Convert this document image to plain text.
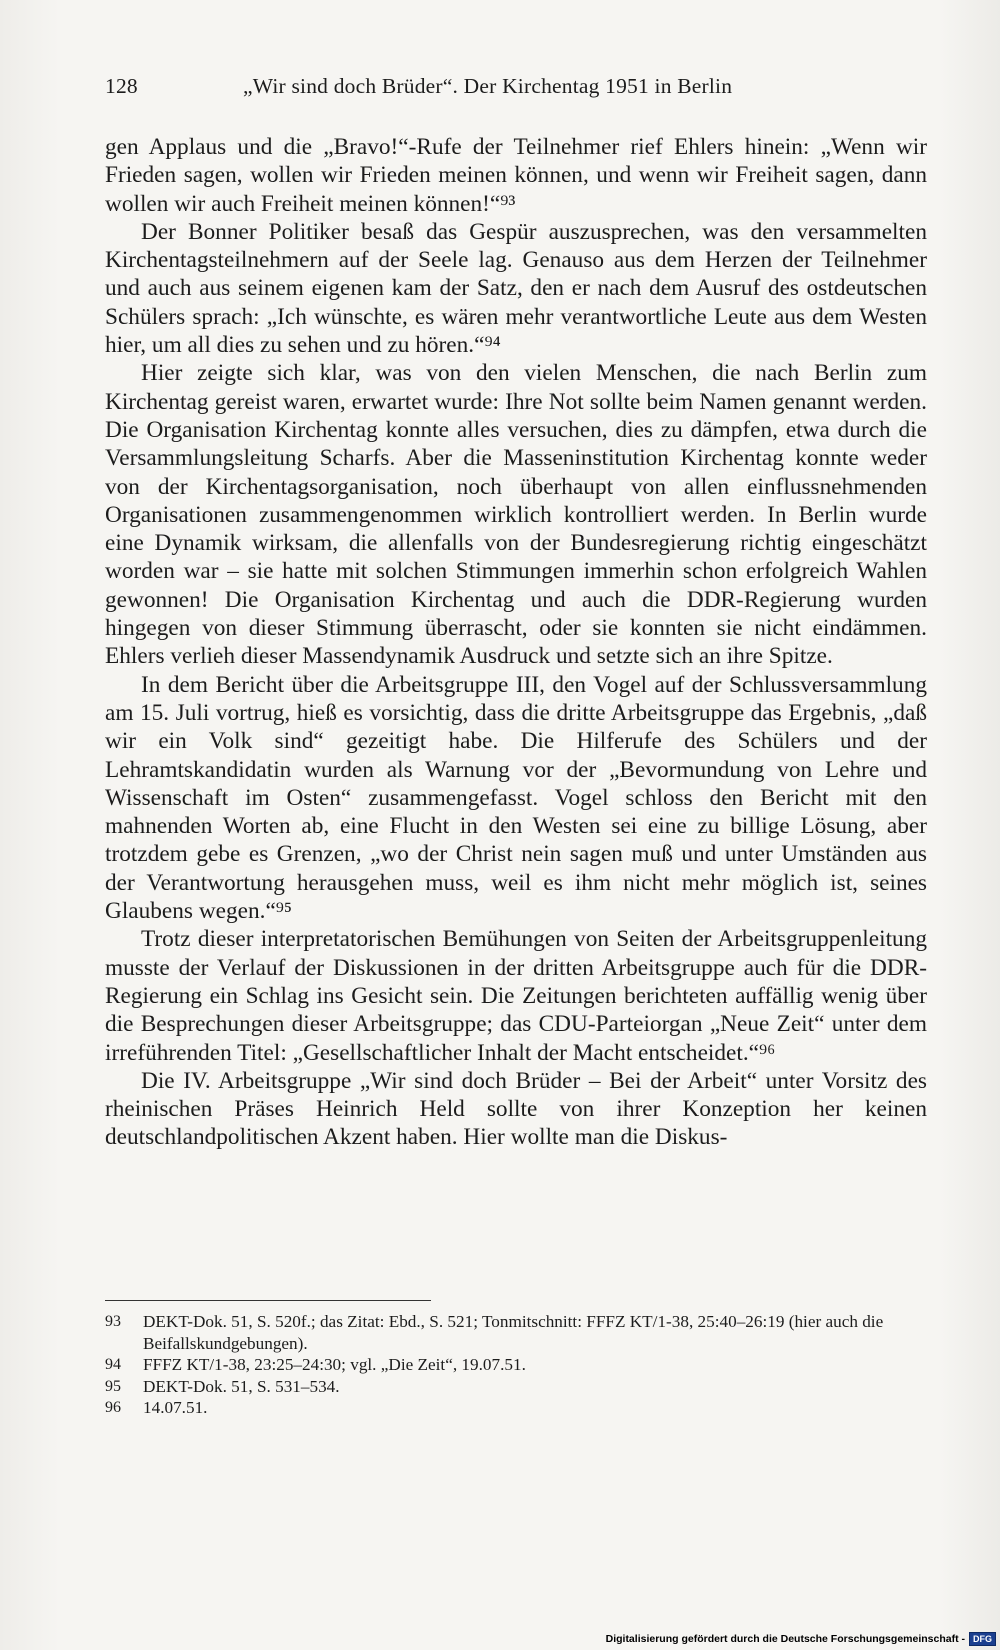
128	„Wir sind doch Brüder“. Der Kirchentag 1951 in Berlin

gen Applaus und die „Bravo!“-Rufe der Teilnehmer rief Ehlers hinein: „Wenn wir Frieden sagen, wollen wir Frieden meinen können, und wenn wir Freiheit sagen, dann wollen wir auch Freiheit meinen können!“⁹³

Der Bonner Politiker besaß das Gespür auszusprechen, was den versammelten Kirchentagsteilnehmern auf der Seele lag. Genauso aus dem Herzen der Teilnehmer und auch aus seinem eigenen kam der Satz, den er nach dem Ausruf des ostdeutschen Schülers sprach: „Ich wünschte, es wären mehr verantwortliche Leute aus dem Westen hier, um all dies zu sehen und zu hören.“⁹⁴

Hier zeigte sich klar, was von den vielen Menschen, die nach Berlin zum Kirchentag gereist waren, erwartet wurde: Ihre Not sollte beim Namen genannt werden. Die Organisation Kirchentag konnte alles versuchen, dies zu dämpfen, etwa durch die Versammlungsleitung Scharfs. Aber die Masseninstitution Kirchentag konnte weder von der Kirchentagsorganisation, noch überhaupt von allen einflussnehmenden Organisationen zusammengenommen wirklich kontrolliert werden. In Berlin wurde eine Dynamik wirksam, die allenfalls von der Bundesregierung richtig eingeschätzt worden war – sie hatte mit solchen Stimmungen immerhin schon erfolgreich Wahlen gewonnen! Die Organisation Kirchentag und auch die DDR-Regierung wurden hingegen von dieser Stimmung überrascht, oder sie konnten sie nicht eindämmen. Ehlers verlieh dieser Massendynamik Ausdruck und setzte sich an ihre Spitze.

In dem Bericht über die Arbeitsgruppe III, den Vogel auf der Schlussversammlung am 15. Juli vortrug, hieß es vorsichtig, dass die dritte Arbeitsgruppe das Ergebnis, „daß wir ein Volk sind“ gezeitigt habe. Die Hilferufe des Schülers und der Lehramtskandidatin wurden als Warnung vor der „Bevormundung von Lehre und Wissenschaft im Osten“ zusammengefasst. Vogel schloss den Bericht mit den mahnenden Worten ab, eine Flucht in den Westen sei eine zu billige Lösung, aber trotzdem gebe es Grenzen, „wo der Christ nein sagen muß und unter Umständen aus der Verantwortung herausgehen muss, weil es ihm nicht mehr möglich ist, seines Glaubens wegen.“⁹⁵

Trotz dieser interpretatorischen Bemühungen von Seiten der Arbeitsgruppenleitung musste der Verlauf der Diskussionen in der dritten Arbeitsgruppe auch für die DDR-Regierung ein Schlag ins Gesicht sein. Die Zeitungen berichteten auffällig wenig über die Besprechungen dieser Arbeitsgruppe; das CDU-Parteiorgan „Neue Zeit“ unter dem irreführenden Titel: „Gesellschaftlicher Inhalt der Macht entscheidet.“⁹⁶

Die IV. Arbeitsgruppe „Wir sind doch Brüder – Bei der Arbeit“ unter Vorsitz des rheinischen Präses Heinrich Held sollte von ihrer Konzeption her keinen deutschlandpolitischen Akzent haben. Hier wollte man die Diskus-

93 DEKT-Dok. 51, S. 520f.; das Zitat: Ebd., S. 521; Tonmitschnitt: FFFZ KT/1-38, 25:40–26:19 (hier auch die Beifallskundgebungen).
94 FFFZ KT/1-38, 23:25–24:30; vgl. „Die Zeit“, 19.07.51.
95 DEKT-Dok. 51, S. 531–534.
96 14.07.51.
Digitalisierung gefördert durch die Deutsche Forschungsgemeinschaft - DFG
